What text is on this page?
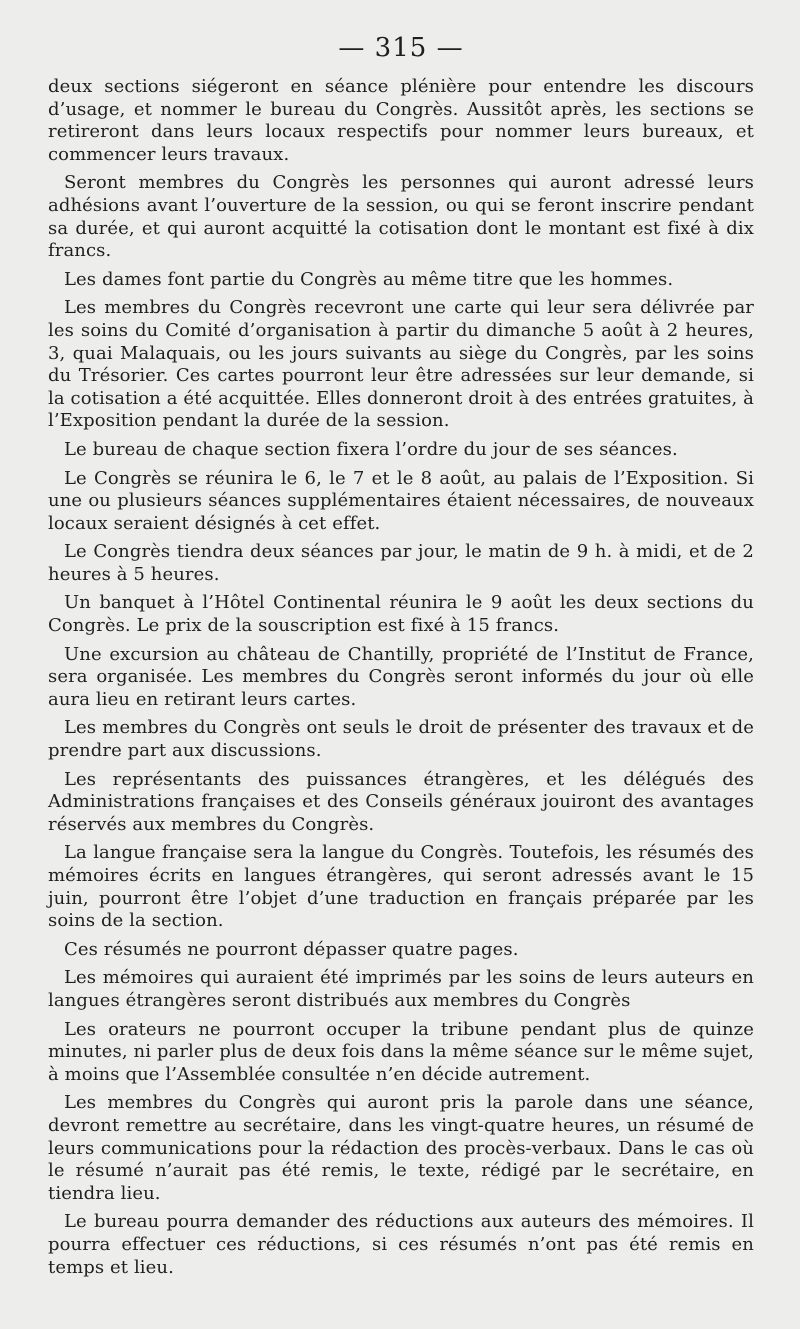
— 315 —

deux sections siégeront en séance plénière pour entendre les discours d’usage, et nommer le bureau du Congrès. Aussitôt après, les sections se retireront dans leurs locaux respectifs pour nommer leurs bureaux, et commencer leurs travaux.

Seront membres du Congrès les personnes qui auront adressé leurs adhésions avant l’ouverture de la session, ou qui se feront inscrire pendant sa durée, et qui auront acquitté la cotisation dont le montant est fixé à dix francs.

Les dames font partie du Congrès au même titre que les hommes.

Les membres du Congrès recevront une carte qui leur sera délivrée par les soins du Comité d’organisation à partir du dimanche 5 août à 2 heures, 3, quai Malaquais, ou les jours suivants au siège du Congrès, par les soins du Trésorier. Ces cartes pourront leur être adressées sur leur demande, si la cotisation a été acquittée. Elles donneront droit à des entrées gratuites, à l’Exposition pendant la durée de la session.

Le bureau de chaque section fixera l’ordre du jour de ses séances.

Le Congrès se réunira le 6, le 7 et le 8 août, au palais de l’Exposition. Si une ou plusieurs séances supplémentaires étaient nécessaires, de nouveaux locaux seraient désignés à cet effet.

Le Congrès tiendra deux séances par jour, le matin de 9 h. à midi, et de 2 heures à 5 heures.

Un banquet à l’Hôtel Continental réunira le 9 août les deux sections du Congrès. Le prix de la souscription est fixé à 15 francs.

Une excursion au château de Chantilly, propriété de l’Institut de France, sera organisée. Les membres du Congrès seront informés du jour où elle aura lieu en retirant leurs cartes.

Les membres du Congrès ont seuls le droit de présenter des travaux et de prendre part aux discussions.

Les représentants des puissances étrangères, et les délégués des Administrations françaises et des Conseils généraux jouiront des avantages réservés aux membres du Congrès.

La langue française sera la langue du Congrès. Toutefois, les résumés des mémoires écrits en langues étrangères, qui seront adressés avant le 15 juin, pourront être l’objet d’une traduction en français préparée par les soins de la section.

Ces résumés ne pourront dépasser quatre pages.

Les mémoires qui auraient été imprimés par les soins de leurs auteurs en langues étrangères seront distribués aux membres du Congrès

Les orateurs ne pourront occuper la tribune pendant plus de quinze minutes, ni parler plus de deux fois dans la même séance sur le même sujet, à moins que l’Assemblée consultée n’en décide autrement.

Les membres du Congrès qui auront pris la parole dans une séance, devront remettre au secrétaire, dans les vingt-quatre heures, un résumé de leurs communications pour la rédaction des procès-verbaux. Dans le cas où le résumé n’aurait pas été remis, le texte, rédigé par le secrétaire, en tiendra lieu.

Le bureau pourra demander des réductions aux auteurs des mémoires. Il pourra effectuer ces réductions, si ces résumés n’ont pas été remis en temps et lieu.
